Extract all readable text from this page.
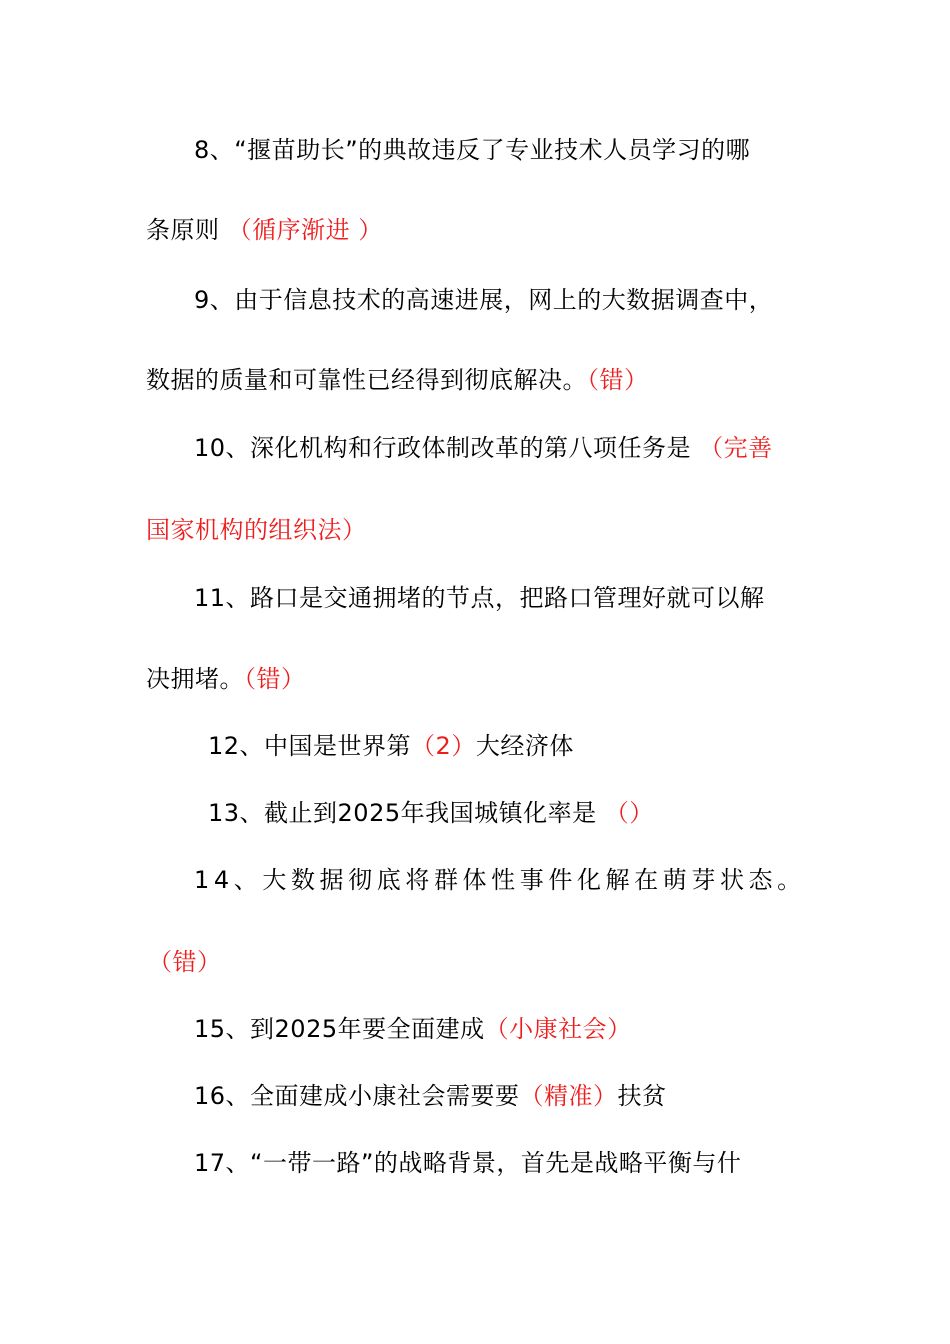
8、“揠苗助长”的典故违反了专业技术人员学习的哪
条原则 （循序渐进 ）
9、由于信息技术的高速进展，网上的大数据调查中，
数据的质量和可靠性已经得到彻底解决。（错）
10、深化机构和行政体制改革的第八项任务是 （完善
国家机构的组织法）
11、路口是交通拥堵的节点，把路口管理好就可以解
决拥堵。（错）
12、中国是世界第（2）大经济体
13、截止到2025年我国城镇化率是 （）
14、大数据彻底将群体性事件化解在萌芽状态。
（错）
15、到2025年要全面建成（小康社会）
16、全面建成小康社会需要要（精准）扶贫
17、“一带一路”的战略背景，首先是战略平衡与什
